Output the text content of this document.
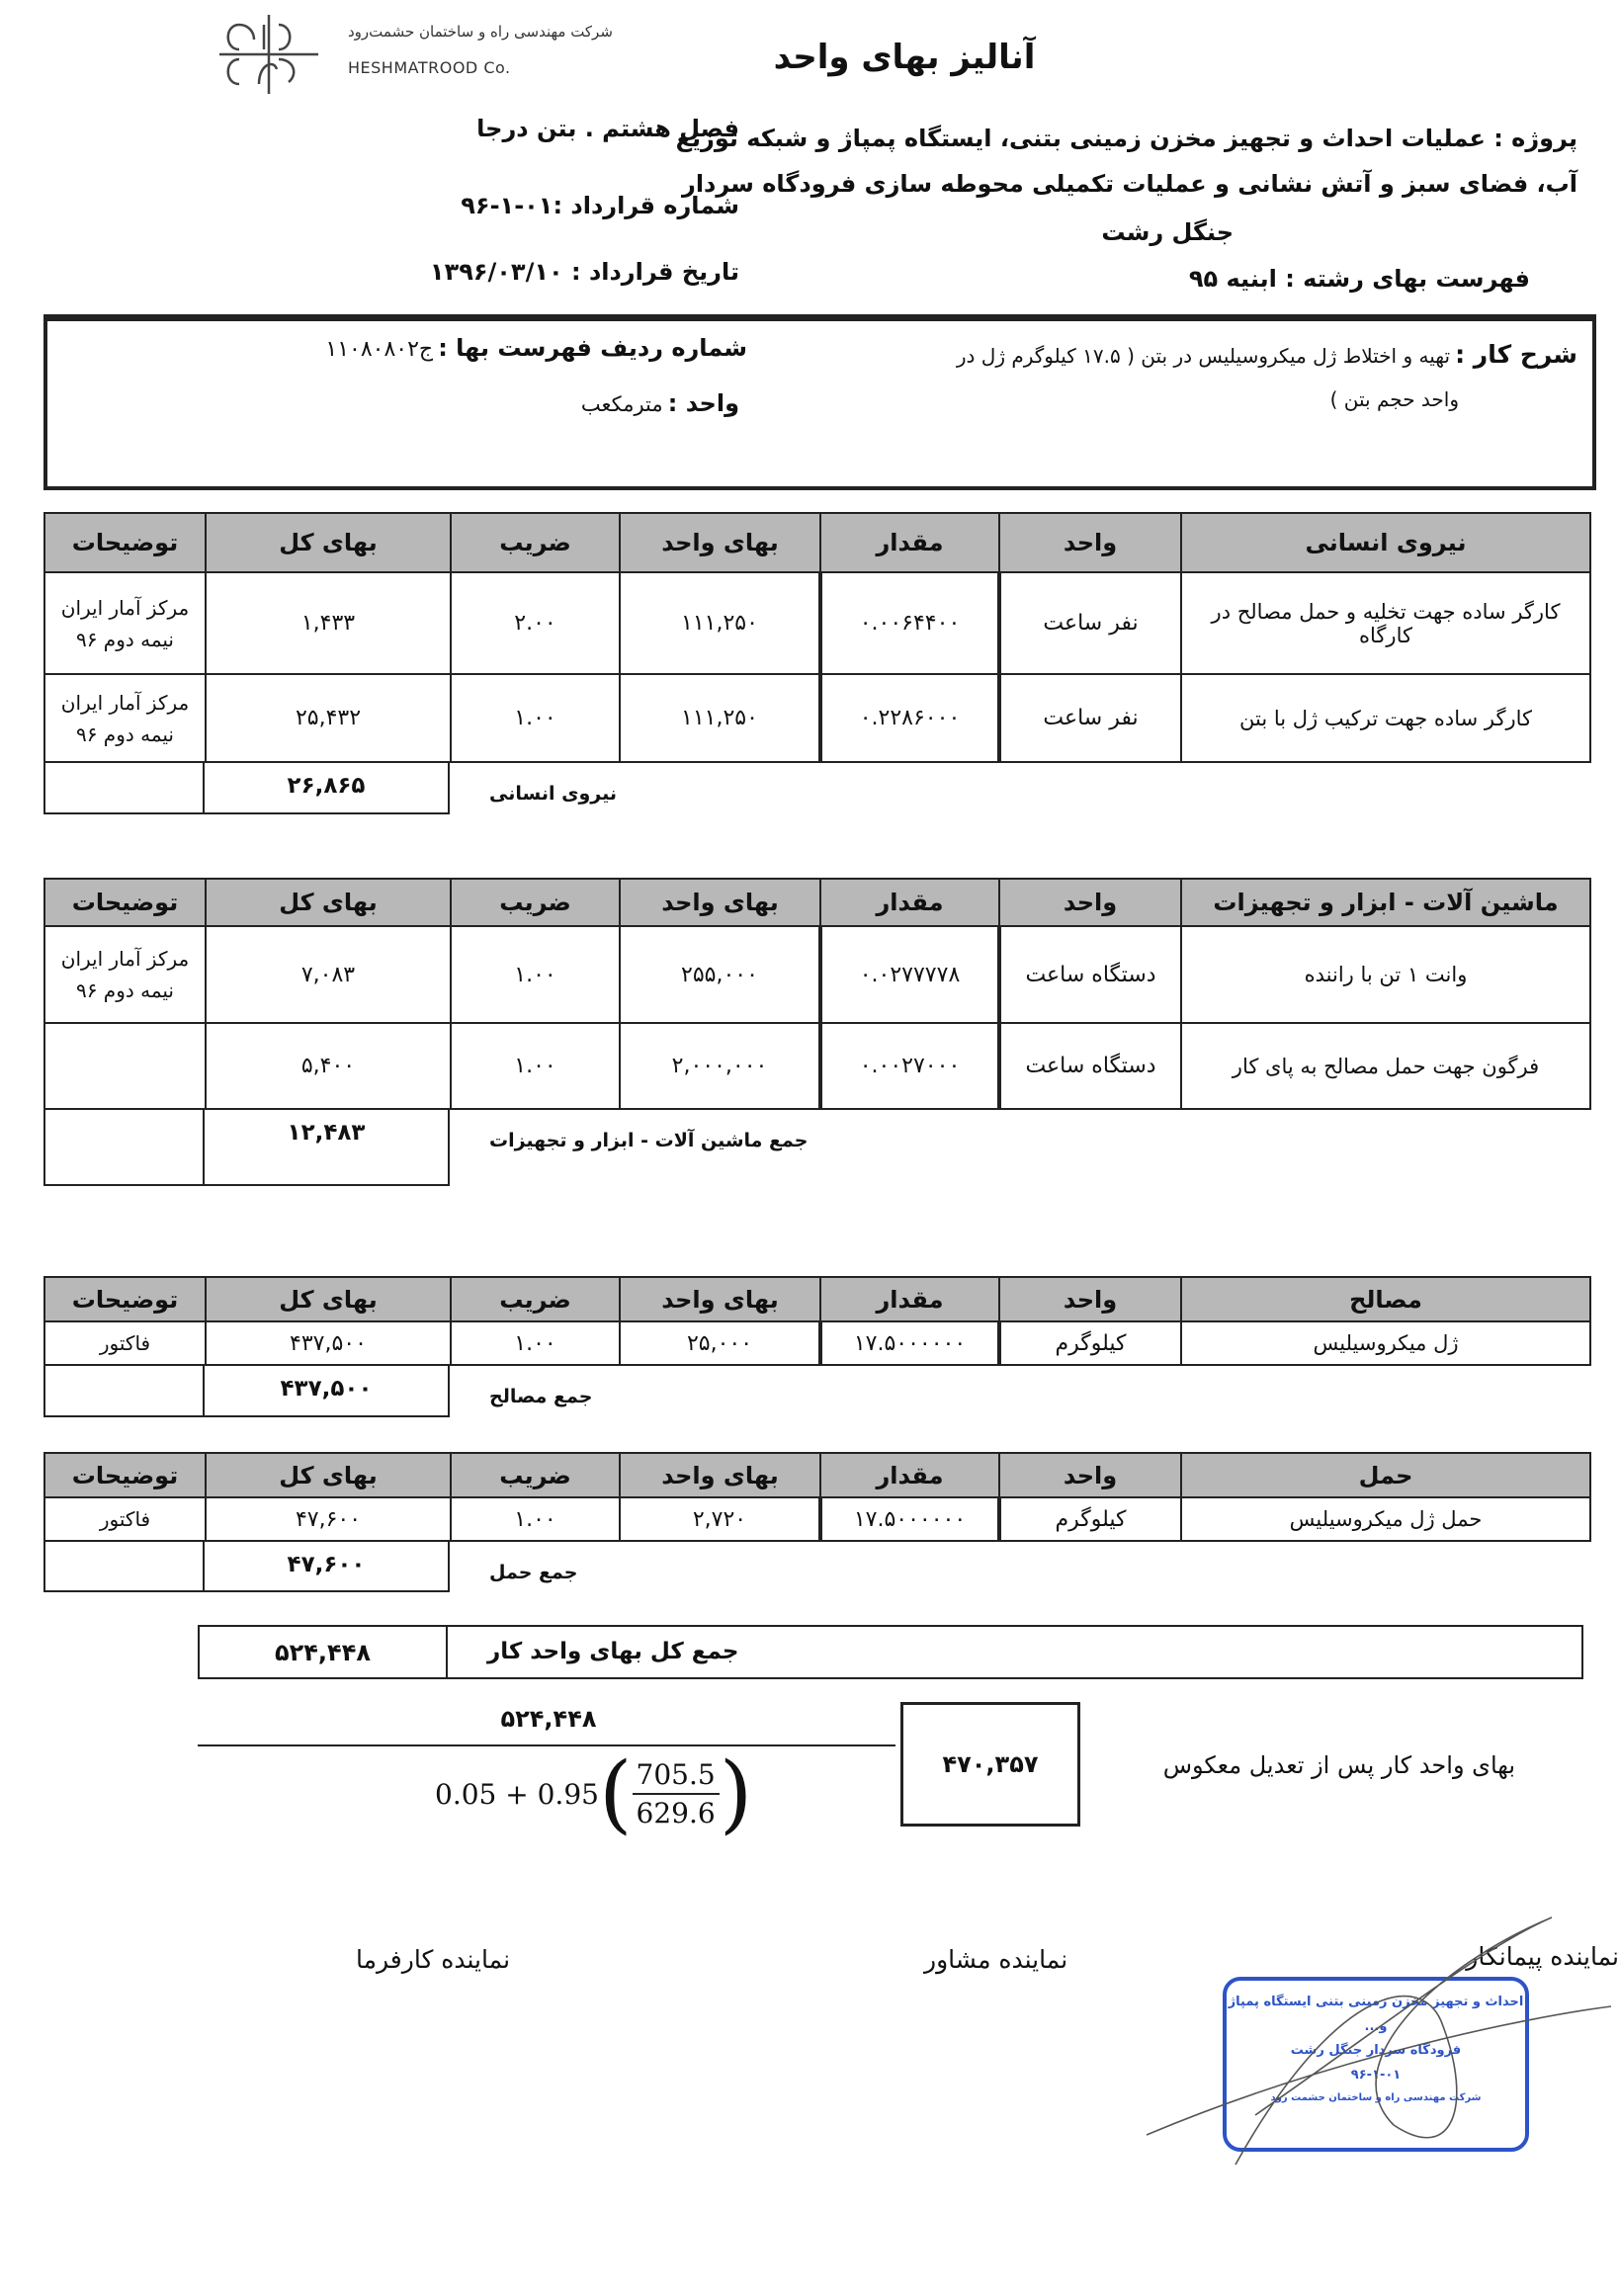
شرکت مهندسی راه و ساختمان حشمت‌رود
HESHMATROOD Co.	آنالیز بهای واحد
پروژه : عملیات احداث و تجهیز مخزن زمینی بتنی، ایستگاه پمپاژ و شبکه توزیع
آب، فضای سبز و آتش نشانی و عملیات تکمیلی محوطه سازی فرودگاه سردار
جنگل رشت
فهرست بهای رشته : ابنیه ۹۵
فصل هشتم . بتن درجا
شماره قرارداد :۰۱-۱-۹۶
تاریخ قرارداد : ۱۳۹۶/۰۳/۱۰
شرح کار : تهیه و اختلاط ژل میکروسیلیس در بتن ( ۱۷.۵ کیلوگرم ژل در
واحد حجم بتن )
شماره ردیف فهرست بها : ج۱۱۰۸۰۸۰۲
واحد : مترمکعب
نیروی انسانی	واحد	مقدار	بهای واحد	ضریب	بهای کل	توضیحات
کارگر ساده جهت تخلیه و حمل مصالح در کارگاه	نفر ساعت	۰.۰۰۶۴۴۰۰	۱۱۱,۲۵۰	۲.۰۰	۱,۴۳۳	مرکز آمار ایران نیمه دوم ۹۶
کارگر ساده جهت ترکیب ژل با بتن	نفر ساعت	۰.۲۲۸۶۰۰۰	۱۱۱,۲۵۰	۱.۰۰	۲۵,۴۳۲	مرکز آمار ایران نیمه دوم ۹۶
۲۶,۸۶۵	نیروی انسانی
ماشین آلات - ابزار و تجهیزات	واحد	مقدار	بهای واحد	ضریب	بهای کل	توضیحات
وانت ۱ تن با راننده	دستگاه ساعت	۰.۰۲۷۷۷۷۸	۲۵۵,۰۰۰	۱.۰۰	۷,۰۸۳	مرکز آمار ایران نیمه دوم ۹۶
فرگون جهت حمل مصالح به پای کار	دستگاه ساعت	۰.۰۰۲۷۰۰۰	۲,۰۰۰,۰۰۰	۱.۰۰	۵,۴۰۰	
۱۲,۴۸۳	جمع ماشین آلات - ابزار و تجهیزات
مصالح	واحد	مقدار	بهای واحد	ضریب	بهای کل	توضیحات
ژل میکروسیلیس	کیلوگرم	۱۷.۵۰۰۰۰۰۰	۲۵,۰۰۰	۱.۰۰	۴۳۷,۵۰۰	فاکتور
۴۳۷,۵۰۰	جمع مصالح
حمل	واحد	مقدار	بهای واحد	ضریب	بهای کل	توضیحات
حمل ژل میکروسیلیس	کیلوگرم	۱۷.۵۰۰۰۰۰۰	۲,۷۲۰	۱.۰۰	۴۷,۶۰۰	فاکتور
۴۷,۶۰۰	جمع حمل
۵۲۴,۴۴۸	جمع کل بهای واحد کار
۵۲۴,۴۴۸
0.05 + 0.95 ( 705.5
629.6 )	۴۷۰,۳۵۷	بهای واحد کار پس از تعدیل معکوس
نماینده کارفرما	نماینده مشاور	نماینده پیمانکار
احداث و تجهیز مخزن زمینی بتنی ایستگاه پمپاژ و...
فرودگاه سردار جنگل رشت
۹۶-۱-۰۱
شرکت مهندسی راه و ساختمان حشمت رود
